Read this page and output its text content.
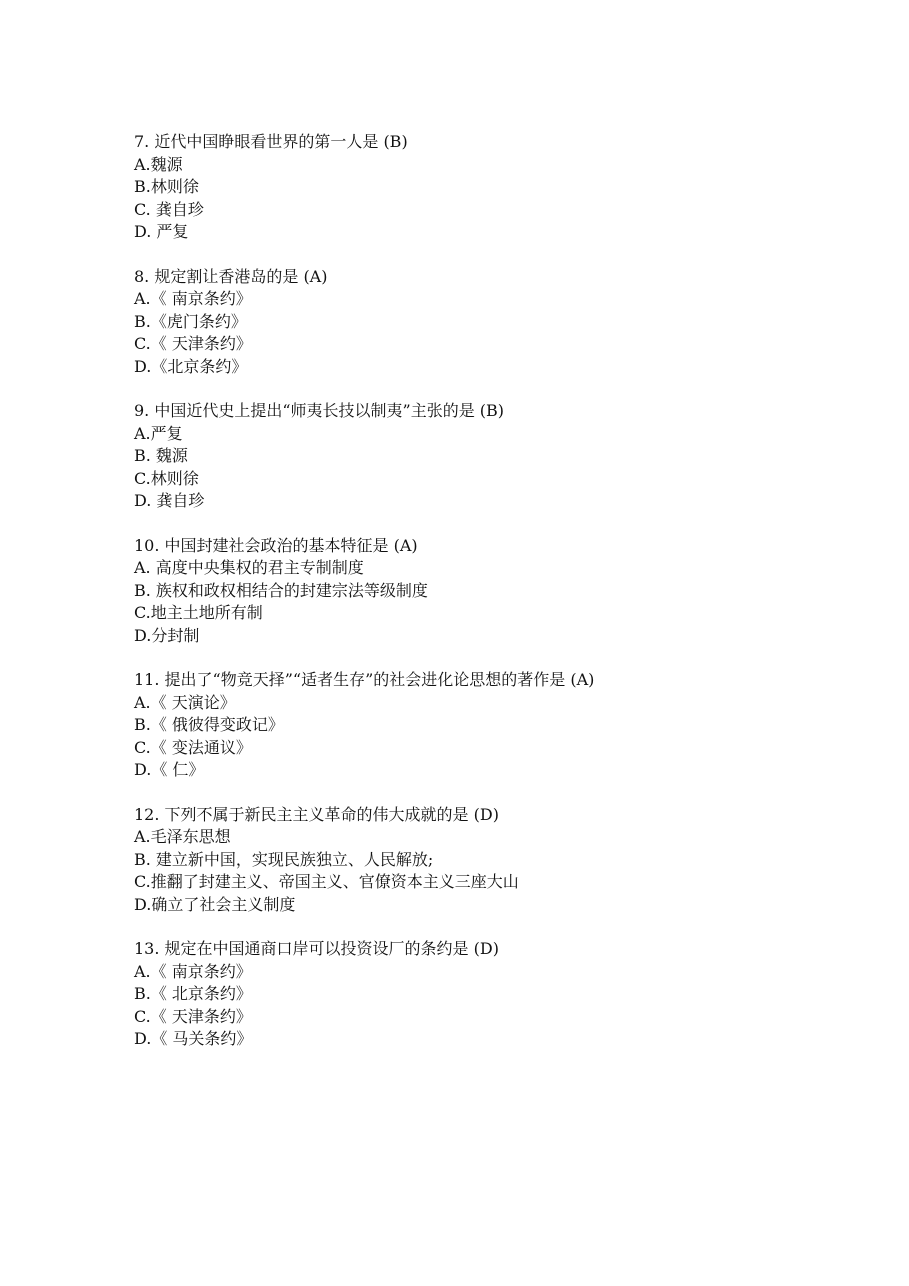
7. 近代中国睁眼看世界的第一人是 (B)
A.魏源
B.林则徐
C. 龚自珍
D. 严复
8. 规定割让香港岛的是 (A)
A.《 南京条约》
B.《虎门条约》
C.《 天津条约》
D.《北京条约》
9. 中国近代史上提出“师夷长技以制夷”主张的是 (B)
A.严复
B. 魏源
C.林则徐
D. 龚自珍
10. 中国封建社会政治的基本特征是 (A)
A. 高度中央集权的君主专制制度
B. 族权和政权相结合的封建宗法等级制度
C.地主土地所有制
D.分封制
11. 提出了“物竞天择”“适者生存”的社会进化论思想的著作是 (A)
A.《 天演论》
B.《 俄彼得变政记》
C.《 变法通议》
D.《 仁》
12. 下列不属于新民主主义革命的伟大成就的是 (D)
A.毛泽东思想
B. 建立新中国，实现民族独立、人民解放;
C.推翻了封建主义、帝国主义、官僚资本主义三座大山
D.确立了社会主义制度
13. 规定在中国通商口岸可以投资设厂的条约是 (D)
A.《 南京条约》
B.《 北京条约》
C.《 天津条约》
D.《 马关条约》
